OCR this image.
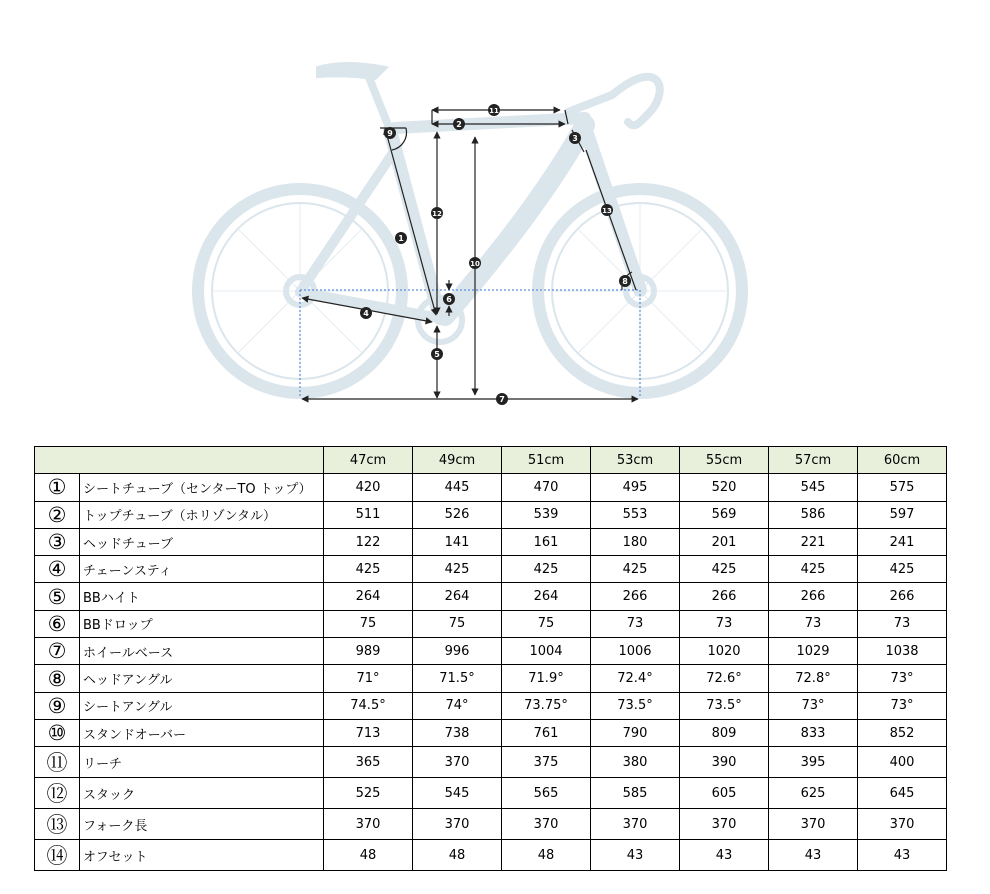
1
2
3
4
5
6
7
8
9
10
11
12	13
		47cm	49cm	51cm	53cm	55cm	57cm	60cm
①	シートチューブ（センターTO トップ）	420	445	470	495	520	545	575
②	トップチューブ（ホリゾンタル）	511	526	539	553	569	586	597
③	ヘッドチューブ	122	141	161	180	201	221	241
④	チェーンスティ	425	425	425	425	425	425	425
⑤	BBハイト	264	264	264	266	266	266	266
⑥	BBドロップ	75	75	75	73	73	73	73
⑦	ホイールベース	989	996	1004	1006	1020	1029	1038
⑧	ヘッドアングル	71°	71.5°	71.9°	72.4°	72.6°	72.8°	73°
⑨	シートアングル	74.5°	74°	73.75°	73.5°	73.5°	73°	73°
⑩	スタンドオーバー	713	738	761	790	809	833	852
⑪	リーチ	365	370	375	380	390	395	400
⑫	スタック	525	545	565	585	605	625	645
⑬	フォーク長	370	370	370	370	370	370	370
⑭	オフセット	48	48	48	43	43	43	43
